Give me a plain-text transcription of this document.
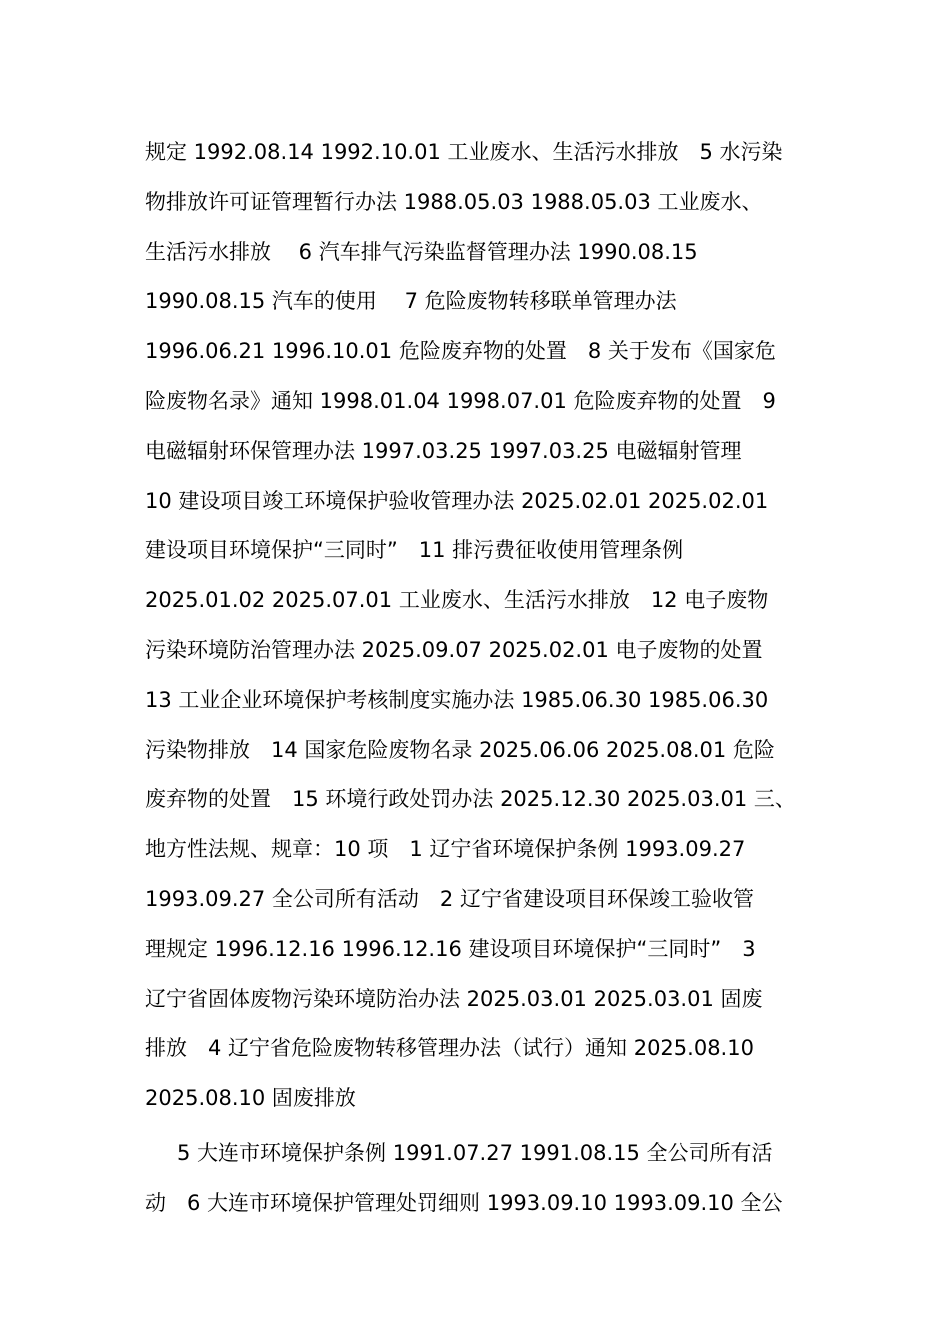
规定 1992.08.14 1992.10.01 工业废水、生活污水排放　5 水污染
物排放许可证管理暂行办法 1988.05.03 1988.05.03 工业废水、
生活污水排放　 6 汽车排气污染监督管理办法 1990.08.15
1990.08.15 汽车的使用　 7 危险废物转移联单管理办法
1996.06.21 1996.10.01 危险废弃物的处置　8 关于发布《国家危
险废物名录》通知 1998.01.04 1998.07.01 危险废弃物的处置　9
电磁辐射环保管理办法 1997.03.25 1997.03.25 电磁辐射管理
10 建设项目竣工环境保护验收管理办法 2025.02.01 2025.02.01
建设项目环境保护“三同时”　11 排污费征收使用管理条例
2025.01.02 2025.07.01 工业废水、生活污水排放　12 电子废物
污染环境防治管理办法 2025.09.07 2025.02.01 电子废物的处置
13 工业企业环境保护考核制度实施办法 1985.06.30 1985.06.30
污染物排放　14 国家危险废物名录 2025.06.06 2025.08.01 危险
废弃物的处置　15 环境行政处罚办法 2025.12.30 2025.03.01 三、
地方性法规、规章：10 项　1 辽宁省环境保护条例 1993.09.27
1993.09.27 全公司所有活动　2 辽宁省建设项目环保竣工验收管
理规定 1996.12.16 1996.12.16 建设项目环境保护“三同时”　3
辽宁省固体废物污染环境防治办法 2025.03.01 2025.03.01 固废
排放　4 辽宁省危险废物转移管理办法（试行）通知 2025.08.10
2025.08.10 固废排放

5 大连市环境保护条例 1991.07.27 1991.08.15 全公司所有活
动　6 大连市环境保护管理处罚细则 1993.09.10 1993.09.10 全公
